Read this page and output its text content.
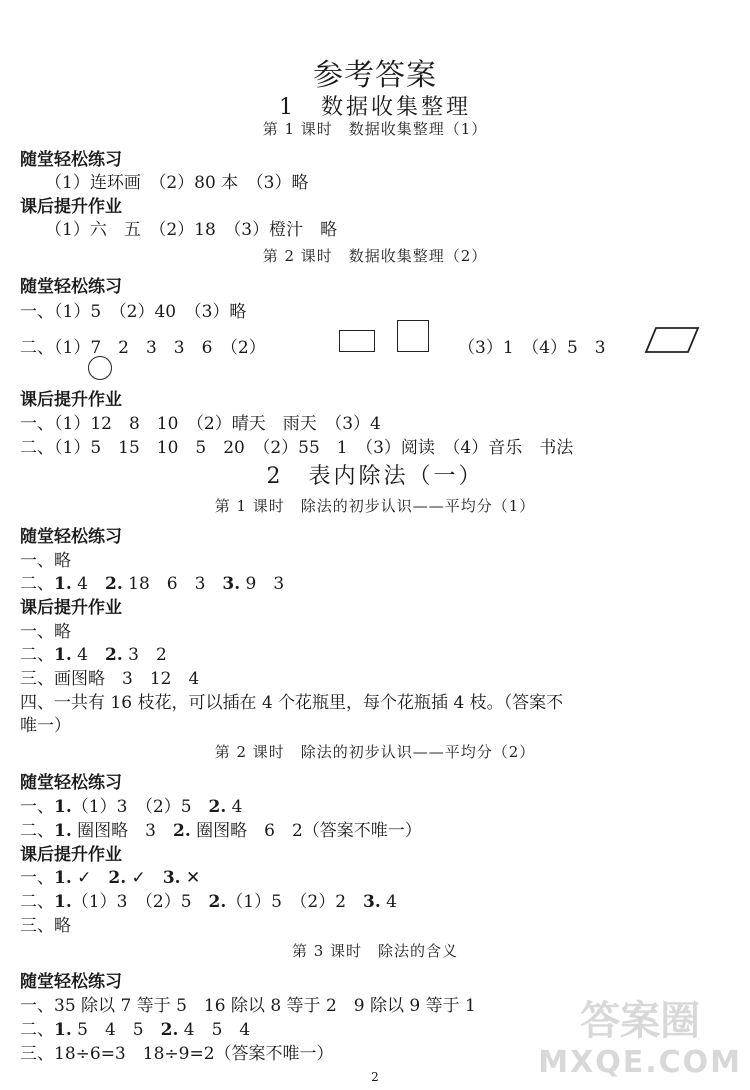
参考答案
1　数据收集整理
第 1 课时　数据收集整理（1）
随堂轻松练习
（1）连环画　（2）80 本　（3）略
课后提升作业
（1）六　五　（2）18　（3）橙汁　略
第 2 课时　数据收集整理（2）
随堂轻松练习
一、（1）5　（2）40　（3）略
二、（1）7　2　3　3　6　（2）	（3）1　（4）5　3
课后提升作业
一、（1）12　8　10　（2）晴天　雨天　（3）4
二、（1）5　15　10　5　20　（2）55　1　（3）阅读　（4）音乐　书法
2　表内除法（一）
第 1 课时　除法的初步认识——平均分（1）
随堂轻松练习
一、略
二、1. 4　2. 18　6　3　3. 9　3
课后提升作业
一、略
二、1. 4　2. 3　2
三、画图略　3　12　4
四、一共有 16 枝花，可以插在 4 个花瓶里，每个花瓶插 4 枝。（答案不
唯一）
第 2 课时　除法的初步认识——平均分（2）
随堂轻松练习
一、1.（1）3　（2）5　2. 4
二、1. 圈图略　3　2. 圈图略　6　2（答案不唯一）
课后提升作业
一、1. ✓　2. ✓　3. ✕
二、1.（1）3　（2）5　2.（1）5　（2）2　3. 4
三、略
第 3 课时　除法的含义
随堂轻松练习
一、35 除以 7 等于 5　16 除以 8 等于 2　9 除以 9 等于 1
二、1. 5　4　5　2. 4　5　4
三、18÷6=3　18÷9=2（答案不唯一）
答案圈
MXQE.COM
2
